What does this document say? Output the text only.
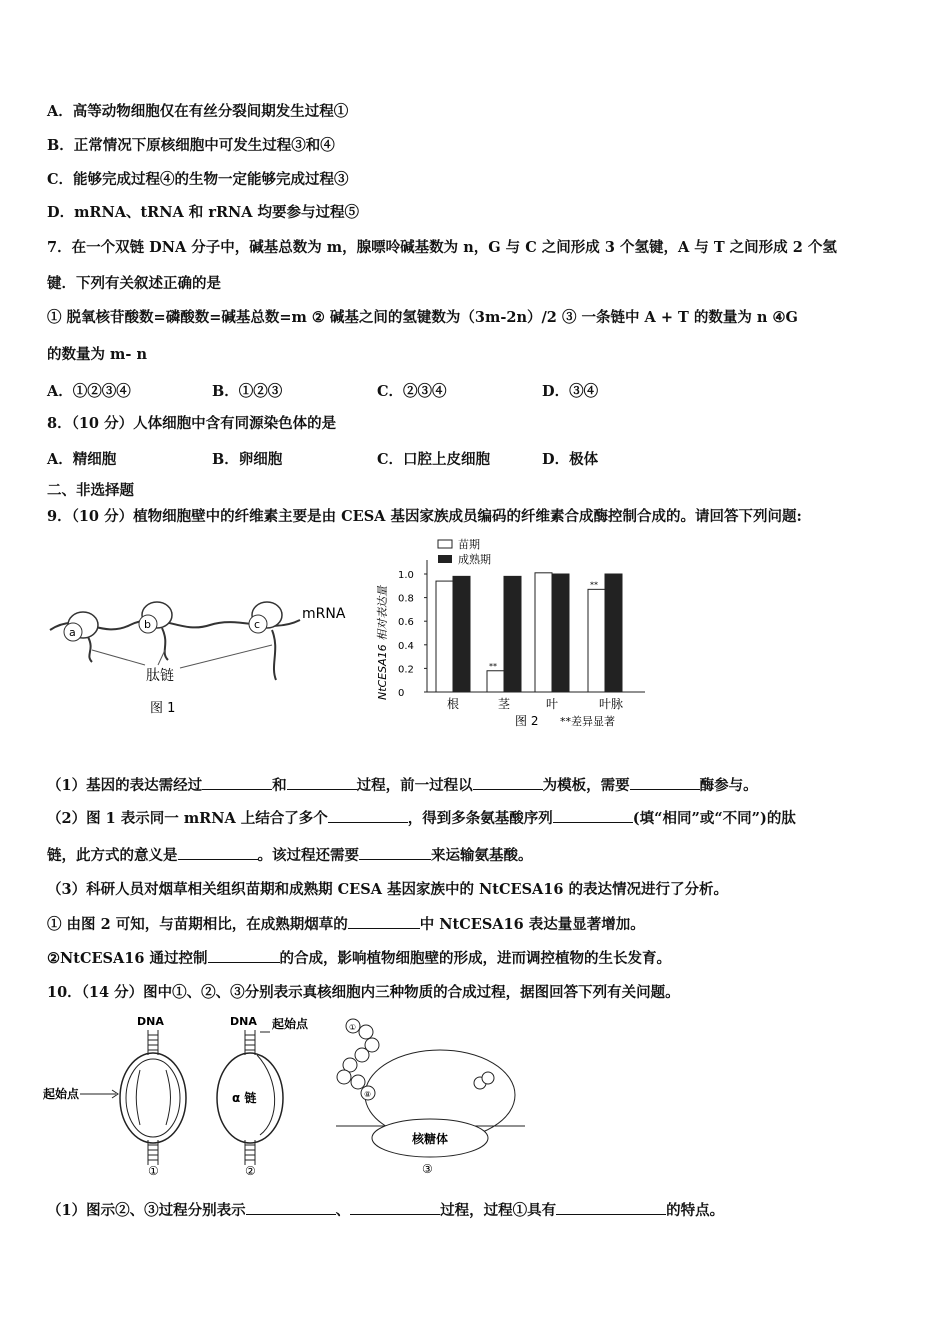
A．高等动物细胞仅在有丝分裂间期发生过程①
B．正常情况下原核细胞中可发生过程③和④
C．能够完成过程④的生物一定能够完成过程③
D．mRNA、tRNA 和 rRNA 均要参与过程⑤
7．在一个双链 DNA 分子中，碱基总数为 m，腺嘌呤碱基数为 n，G 与 C 之间形成 3 个氢键，A 与 T 之间形成 2 个氢
键．下列有关叙述正确的是
① 脱氧核苷酸数=磷酸数=碱基总数=m ② 碱基之间的氢键数为（3m-2n）/2 ③ 一条链中 A + T 的数量为 n ④G
的数量为 m- n
A．①②③④	B．①②③	C．②③④	D．③④
8．（10 分）人体细胞中含有同源染色体的是
A．精细胞	B．卵细胞	C．口腔上皮细胞	D．极体
二、非选择题
9．（10 分）植物细胞壁中的纤维素主要是由 CESA 基因家族成员编码的纤维素合成酶控制合成的。请回答下列问题:
a
b	c
mRNA
肽链
图 1
苗期
成熟期
NtCESA16 相对表达量 0
0.2
0.4
0.6
0.8
1.0
根	茎
**
叶	叶脉
**
图 2 **差异显著
（1）基因的表达需经过	和	过程，前一过程以	为模板，需要	酶参与。
（2）图 1 表示同一 mRNA 上结合了多个	，得到多条氨基酸序列	(填“相同”或“不同”)的肽
链，此方式的意义是	。该过程还需要	来运输氨基酸。
（3）科研人员对烟草相关组织苗期和成熟期 CESA 基因家族中的 NtCESA16 的表达情况进行了分析。
① 由图 2 可知，与苗期相比，在成熟期烟草的	中 NtCESA16 表达量显著增加。
②NtCESA16 通过控制	的合成，影响植物细胞壁的形成，进而调控植物的生长发育。
10．（14 分）图中①、②、③分别表示真核细胞内三种物质的合成过程，据图回答下列有关问题。
DNA
起始点
①
DNA
α 链
起始点
②
核糖体
①
⑧
③
（1）图示②、③过程分别表示	、	过程，过程①具有	的特点。
